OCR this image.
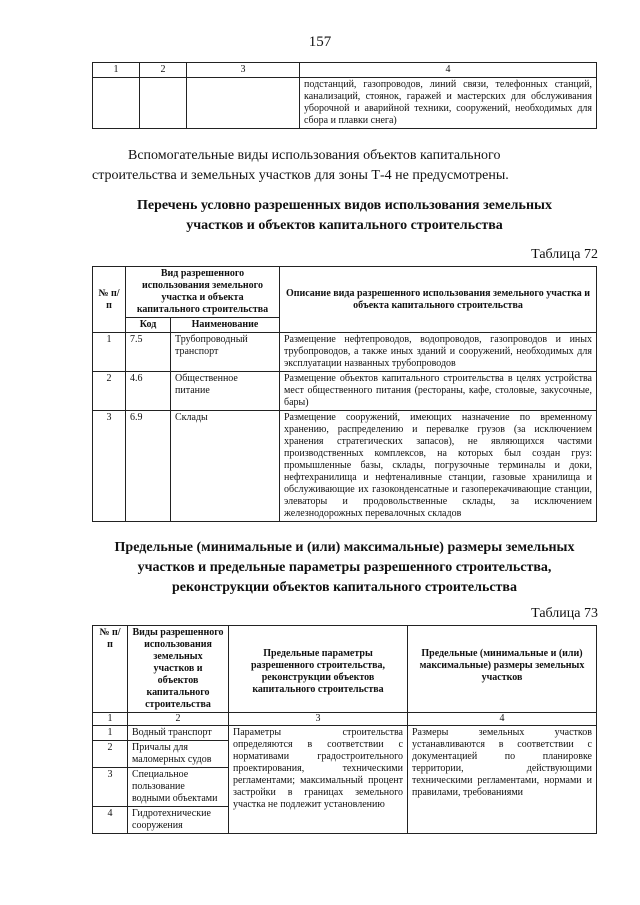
157
1	2	3	4
			подстанций, газопроводов, линий связи, телефонных станций, канализаций, стоянок, гаражей и мастерских для обслуживания уборочной и аварийной техники, сооружений, необходимых для сбора и плавки снега)
Вспомогательные виды использования объектов капитального
строительства и земельных участков для зоны Т-4 не предусмотрены.
Перечень условно разрешенных видов использования земельных
участков и объектов капитального строительства
Таблица 72
№ п/п	Вид разрешенного использования земельного участка и объекта капитального строительства		Описание вида разрешенного использования земельного участка и объекта капитального строительства
	Код	Наименование	
1	7.5	Трубопроводный транспорт	Размещение нефтепроводов, водопроводов, газопроводов и иных трубопроводов, а также иных зданий и сооружений, необходимых для эксплуатации названных трубопроводов
2	4.6	Общественное питание	Размещение объектов капитального строительства в целях устройства мест общественного питания (рестораны, кафе, столовые, закусочные, бары)
3	6.9	Склады	Размещение сооружений, имеющих назначение по временному хранению, распределению и перевалке грузов (за исключением хранения стратегических запасов), не являющихся частями производственных комплексов, на которых был создан груз: промышленные базы, склады, погрузочные терминалы и доки, нефтехранилища и нефтеналивные станции, газовые хранилища и обслуживающие их газоконденсатные и газоперекачивающие станции, элеваторы и продовольственные склады, за исключением железнодорожных перевалочных складов
Предельные (минимальные и (или) максимальные) размеры земельных
участков и предельные параметры разрешенного строительства,
реконструкции объектов капитального строительства
Таблица 73
№ п/п	Виды разрешенного использования земельных участков и объектов капитального строительства	Предельные параметры разрешенного строительства, реконструкции объектов капитального строительства	Предельные (минимальные и (или) максимальные) размеры земельных участков
1	2	3	4
1	Водный транспорт	Параметры строительства определяются в соответствии с нормативами градостроительного проектирования, техническими регламентами; максимальный процент застройки в границах земельного участка не подлежит установлению	Размеры земельных участков устанавливаются в соответствии с документацией по планировке территории, действующими техническими регламентами, нормами и правилами, требованиями
2	Причалы для маломерных судов		
3	Специальное пользование водными объектами		
4	Гидротехнические сооружения		
